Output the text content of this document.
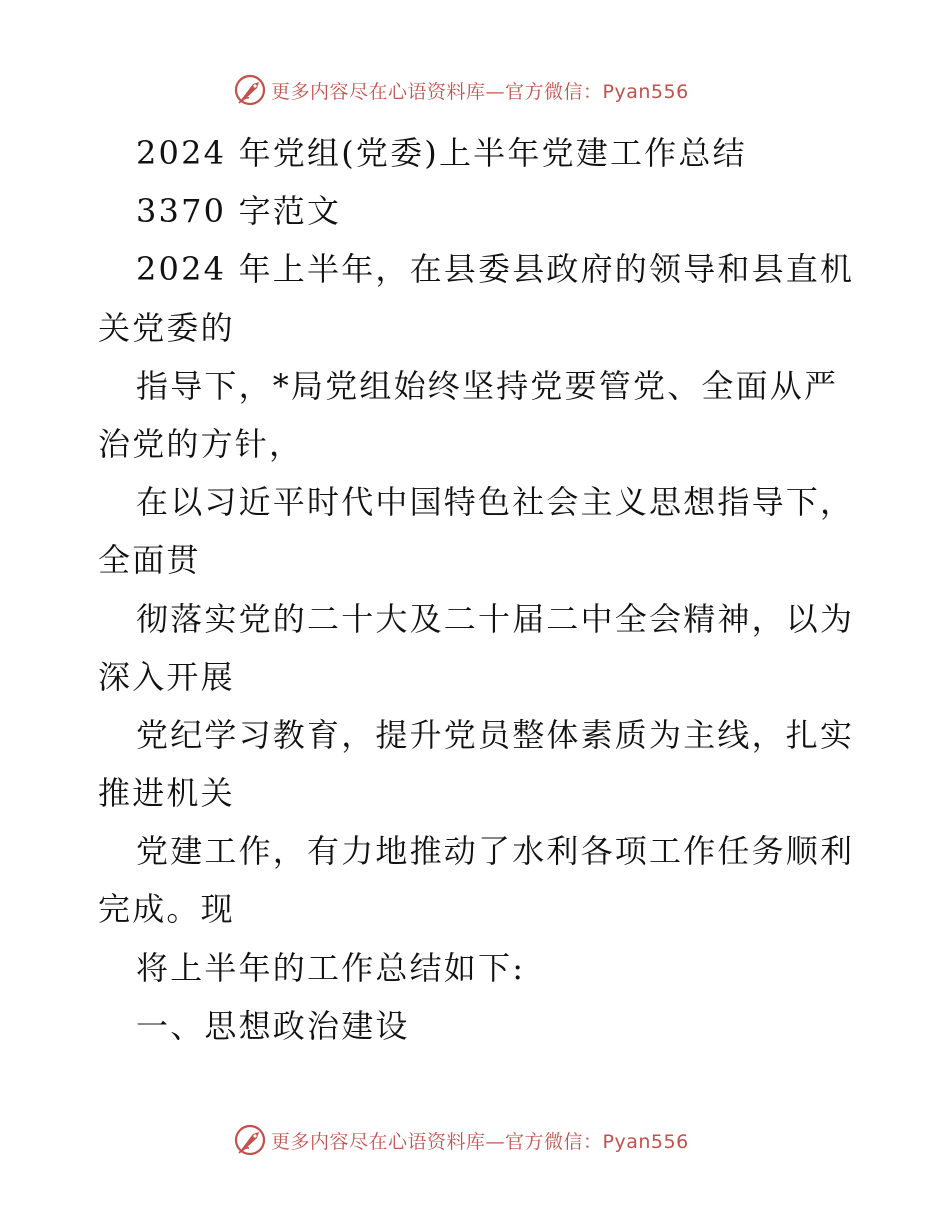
更多内容尽在心语资料库—官方微信：Pyan556
2024 年党组(党委)上半年党建工作总结
3370 字范文
2024 年上半年，在县委县政府的领导和县直机
关党委的
指导下，*局党组始终坚持党要管党、全面从严
治党的方针，
在以习近平时代中国特色社会主义思想指导下，
全面贯
彻落实党的二十大及二十届二中全会精神，以为
深入开展
党纪学习教育，提升党员整体素质为主线，扎实
推进机关
党建工作，有力地推动了水利各项工作任务顺利
完成。现
将上半年的工作总结如下:
一、思想政治建设
更多内容尽在心语资料库—官方微信：Pyan556
